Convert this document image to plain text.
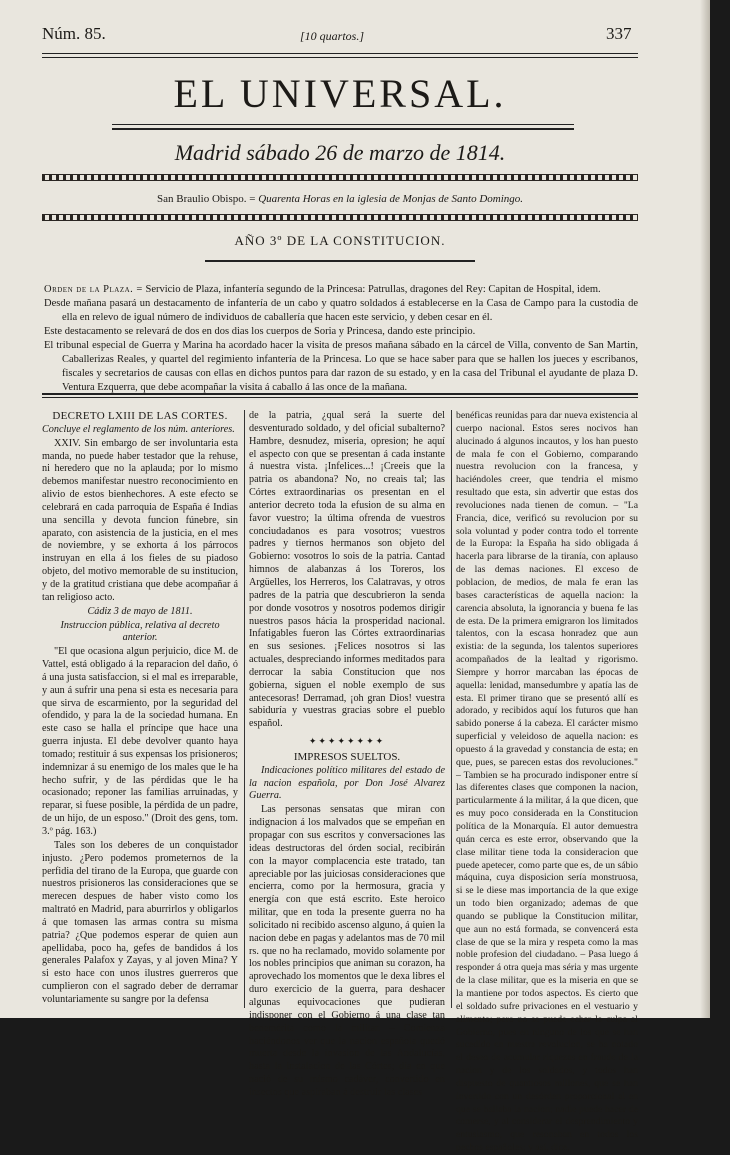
Núm. 85.	[10 quartos.]	337
EL UNIVERSAL.
Madrid sábado 26 de marzo de 1814.
San Braulio Obispo. = Quarenta Horas en la iglesia de Monjas de Santo Domingo.
AÑO 3º DE LA CONSTITUCION.
Orden de la Plaza. = Servicio de Plaza, infantería segundo de la Princesa: Patrullas, dragones del Rey: Capitan de Hospital, idem.
Desde mañana pasará un destacamento de infantería de un cabo y quatro soldados á establecerse en la Casa de Campo para la custodia de ella en relevo de igual número de individuos de caballería que hacen este servicio, y deben cesar en él.
Este destacamento se relevará de dos en dos dias los cuerpos de Soria y Princesa, dando este principio.
El tribunal especial de Guerra y Marina ha acordado hacer la visita de presos mañana sábado en la cárcel de Villa, convento de San Martin, Caballerizas Reales, y quartel del regimiento infantería de la Princesa. Lo que se hace saber para que se hallen los jueces y escribanos, fiscales y secretarios de causas con ellas en dichos puntos para dar razon de su estado, y en la casa del Tribunal el ayudante de plaza D. Ventura Ezquerra, que debe acompañar la visita á caballo á las once de la mañana.

DECRETO LXIII DE LAS CORTES.

Concluye el reglamento de los núm. anteriores.

XXIV. Sin embargo de ser involuntaria esta manda, no puede haber testador que la rehuse, ni heredero que no la aplauda; por lo mismo debemos manifestar nuestro reconocimiento en alivio de estos bienhechores. A este efecto se celebrará en cada parroquia de España é Indias una sencilla y devota funcion fúnebre, sin aparato, con asistencia de la justicia, en el mes de noviembre, y se exhorta á los párrocos instruyan en ella á los fieles de su piadoso objeto, del motivo memorable de su institucion, y de la gratitud cristiana que debe acompañar á tan religioso acto.

Cádiz 3 de mayo de 1811.

Instruccion pública, relativa al decreto anterior.

"El que ocasiona algun perjuicio, dice M. de Vattel, está obligado á la reparacion del daño, ó á una justa satisfaccion, si el mal es irreparable, y aun á sufrir una pena si esta es necesaria para que sirva de escarmiento, por la seguridad del ofendido, y para la de la sociedad humana. En este caso se halla el príncipe que hace una guerra injusta. El debe devolver quanto haya tomado; restituir á sus expensas los prisioneros; indemnizar á su enemigo de los males que le ha hecho sufrir, y de las pérdidas que le ha ocasionado; reponer las familias arruinadas, y reparar, si fuese posible, la pérdida de un padre, de un hijo, de un esposo." (Droit des gens, tom. 3.º pág. 163.)

Tales son los deberes de un conquistador injusto. ¿Pero podemos prometernos de la perfidia del tirano de la Europa, que guarde con nuestros prisioneros las consideraciones que se merecen despues de haber visto como los maltrató en Madrid, para aburrirlos y obligarlos á que tomasen las armas contra su misma patria? ¿Que podemos esperar de quien aun apellidaba, poco ha, gefes de bandidos á los generales Palafox y Zayas, y al joven Mina? Y si esto hace con unos ilustres guerreros que cumplieron con el sagrado deber de derramar voluntariamente su sangre por la defensa

de la patria, ¿qual será la suerte del desventurado soldado, y del oficial subalterno? Hambre, desnudez, miseria, opresion; he aquí el aspecto con que se presentan á cada instante á nuestra vista. ¡Infelices...! ¡Creeis que la patria os abandona? No, no creais tal; las Córtes extraordinarias os presentan en el anterior decreto toda la efusion de su alma en favor vuestro; la última ofrenda de vuestros conciudadanos es para vosotros; vuestros padres y tiernos hermanos son objeto del Gobierno: vosotros lo sois de la patria. Cantad himnos de alabanzas á los Toreros, los Argüelles, los Herreros, los Calatravas, y otros padres de la patria que descubrieron la senda por donde vosotros y nosotros podemos dirigir nuestros pasos hácia la prosperidad nacional. Infatigables fueron las Córtes extraordinarias en sus sesiones. ¡Felices nosotros si las actuales, despreciando informes meditados para derrocar la sabia Constitucion que nos gobierna, siguen el noble exemplo de sus antecesoras! Derramad, ¡oh gran Dios! vuestra sabiduría y vuestras gracias sobre el pueblo español.

✦✦✦✦✦✦✦✦

IMPRESOS SUELTOS.

Indicaciones político militares del estado de la nacion española, por Don José Alvarez Guerra.

Las personas sensatas que miran con indignacion á los malvados que se empeñan en propagar con sus escritos y conversaciones las ideas destructoras del órden social, recibirán con la mayor complacencia este tratado, tan apreciable por las juiciosas consideraciones que encierra, como por la hermosura, gracia y energía con que está escrito. Este heroico militar, que en toda la presente guerra no ha solicitado ni recibido ascenso alguno, á quien la nacion debe en pagas y adelantos mas de 70 mil rs. que no ha reclamado, movido solamente por los nobles principios que animan su corazon, ha aprovechado los momentos que le dexa libres el duro exercicio de la guerra, para deshacer algunas equivocaciones que pudieran indisponer con el Gobierno á una clase tan benemérita como la militar. – Comienza haciéndonos ver que la nacion española quedó muerta desde la invasion de las Andalucías, hasta la instalacion de las Córtes; dia en que nació de su mismo cadáver, convertido en insectos que aspiraban á destruir las clases

benéficas reunidas para dar nueva existencia al cuerpo nacional. Estos seres nocivos han alucinado á algunos incautos, y los han puesto de mala fe con el Gobierno, comparando nuestra revolucion con la francesa, y haciéndoles creer, que tendria el mismo resultado que esta, sin advertir que estas dos revoluciones nada tienen de comun. – "La Francia, dice, verificó su revolucion por su sola voluntad y poder contra todo el torrente de la Europa: la España ha sido obligada á hacerla para librarse de la tiranía, con aplauso de las demas naciones. El exceso de poblacion, de medios, de mala fe eran las bases características de aquella nacion: la carencia absoluta, la ignorancia y buena fe las de esta. De la primera emigraron los limitados talentos, con la escasa honradez que aun existia: de la segunda, los talentos superiores acompañados de la lealtad y rigorismo. Siempre y horror marcaban las épocas de aquella: lenidad, mansedumbre y apatía las de esta. El primer tirano que se presentó allí es adorado, y recibidos aquí los futuros que han sabido ponerse á la cabeza. El carácter mismo superficial y veleidoso de aquella nacion: es opuesto á la gravedad y constancia de esta; en que, pues, se parecen estas dos revoluciones." – Tambien se ha procurado indisponer entre sí las diferentes clases que componen la nacion, particularmente á la militar, á la que dicen, que es muy poco considerada en la Constitucion política de la Monarquía. El autor demuestra quán cerca es este error, observando que la clase militar tiene toda la consideracion que puede apetecer, como parte que es, de un sábio máquina, cuya disposicion sería monstruosa, si se le diese mas importancia de la que exige un todo bien organizado; ademas de que quando se publique la Constitucion militar, que aun no está formada, se convencerá esta clase de que se la mira y respeta como la mas noble profesion del ciudadano. – Pasa luego á responder á otra queja mas séria y mas urgente de la clase militar, que es la miseria en que se la mantiene por todos aspectos. Es cierto que el soldado sufre privaciones en el vestuario y alimento; pero no se puede echar la culpa al Gobierno, pues en ninguno de los que se han sucedido en nuestra revolucion, se ha notado el deseo de acumular riquezas en fraude de la nacion y de los soldados, y todos han dispuesto de quantiosos millones, que se han invertido con un desórden proporcional al en que se hallaba la nacion; nadie puede hacer de comerse, y al considerar el desprendimiento y entusiasmo, que resonaban en todos los pechos españoles; y así, dice,
